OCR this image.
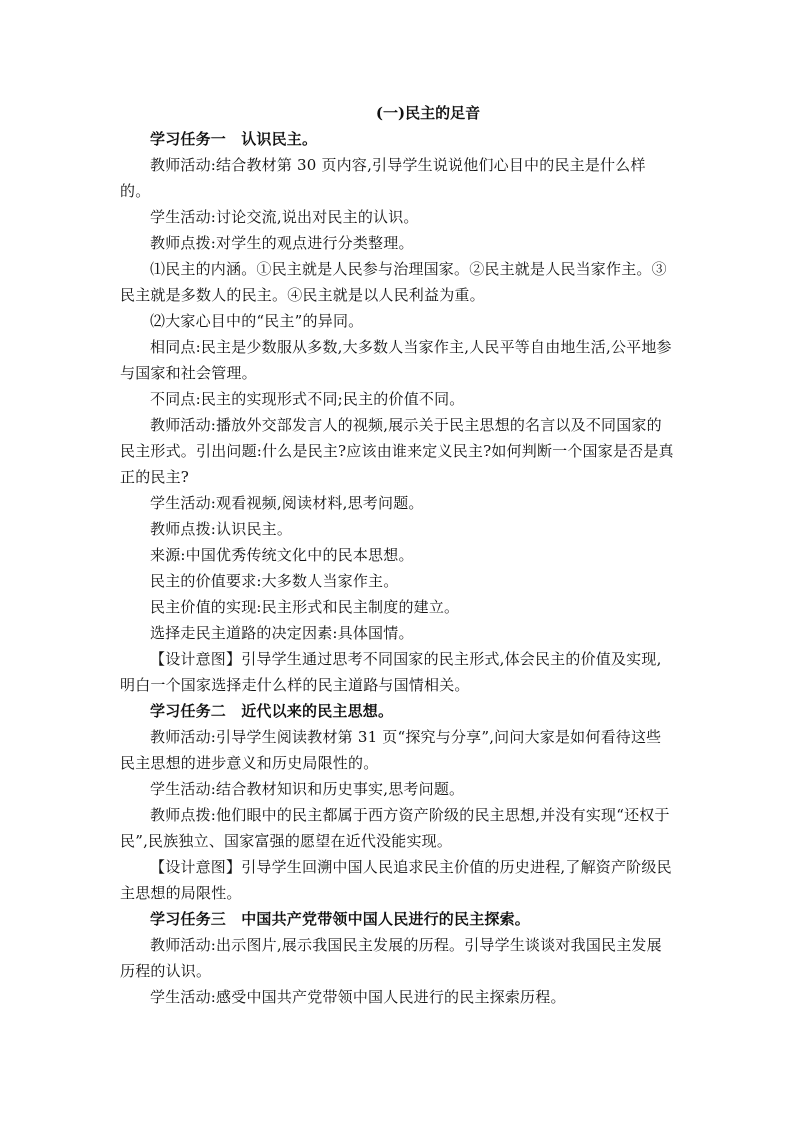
(一)民主的足音

学习任务一　认识民主。

教师活动:结合教材第 30 页内容,引导学生说说他们心目中的民主是什么样的。

学生活动:讨论交流,说出对民主的认识。

教师点拨:对学生的观点进行分类整理。

⑴民主的内涵。①民主就是人民参与治理国家。②民主就是人民当家作主。③民主就是多数人的民主。④民主就是以人民利益为重。

⑵大家心目中的“民主”的异同。

相同点:民主是少数服从多数,大多数人当家作主,人民平等自由地生活,公平地参与国家和社会管理。

不同点:民主的实现形式不同;民主的价值不同。

教师活动:播放外交部发言人的视频,展示关于民主思想的名言以及不同国家的民主形式。引出问题:什么是民主?应该由谁来定义民主?如何判断一个国家是否是真正的民主?

学生活动:观看视频,阅读材料,思考问题。

教师点拨:认识民主。

来源:中国优秀传统文化中的民本思想。

民主的价值要求:大多数人当家作主。

民主价值的实现:民主形式和民主制度的建立。

选择走民主道路的决定因素:具体国情。

【设计意图】引导学生通过思考不同国家的民主形式,体会民主的价值及实现,明白一个国家选择走什么样的民主道路与国情相关。

学习任务二　近代以来的民主思想。

教师活动:引导学生阅读教材第 31 页“探究与分享”,问问大家是如何看待这些民主思想的进步意义和历史局限性的。

学生活动:结合教材知识和历史事实,思考问题。

教师点拨:他们眼中的民主都属于西方资产阶级的民主思想,并没有实现“还权于民”,民族独立、国家富强的愿望在近代没能实现。

【设计意图】引导学生回溯中国人民追求民主价值的历史进程,了解资产阶级民主思想的局限性。

学习任务三　中国共产党带领中国人民进行的民主探索。

教师活动:出示图片,展示我国民主发展的历程。引导学生谈谈对我国民主发展历程的认识。

学生活动:感受中国共产党带领中国人民进行的民主探索历程。
